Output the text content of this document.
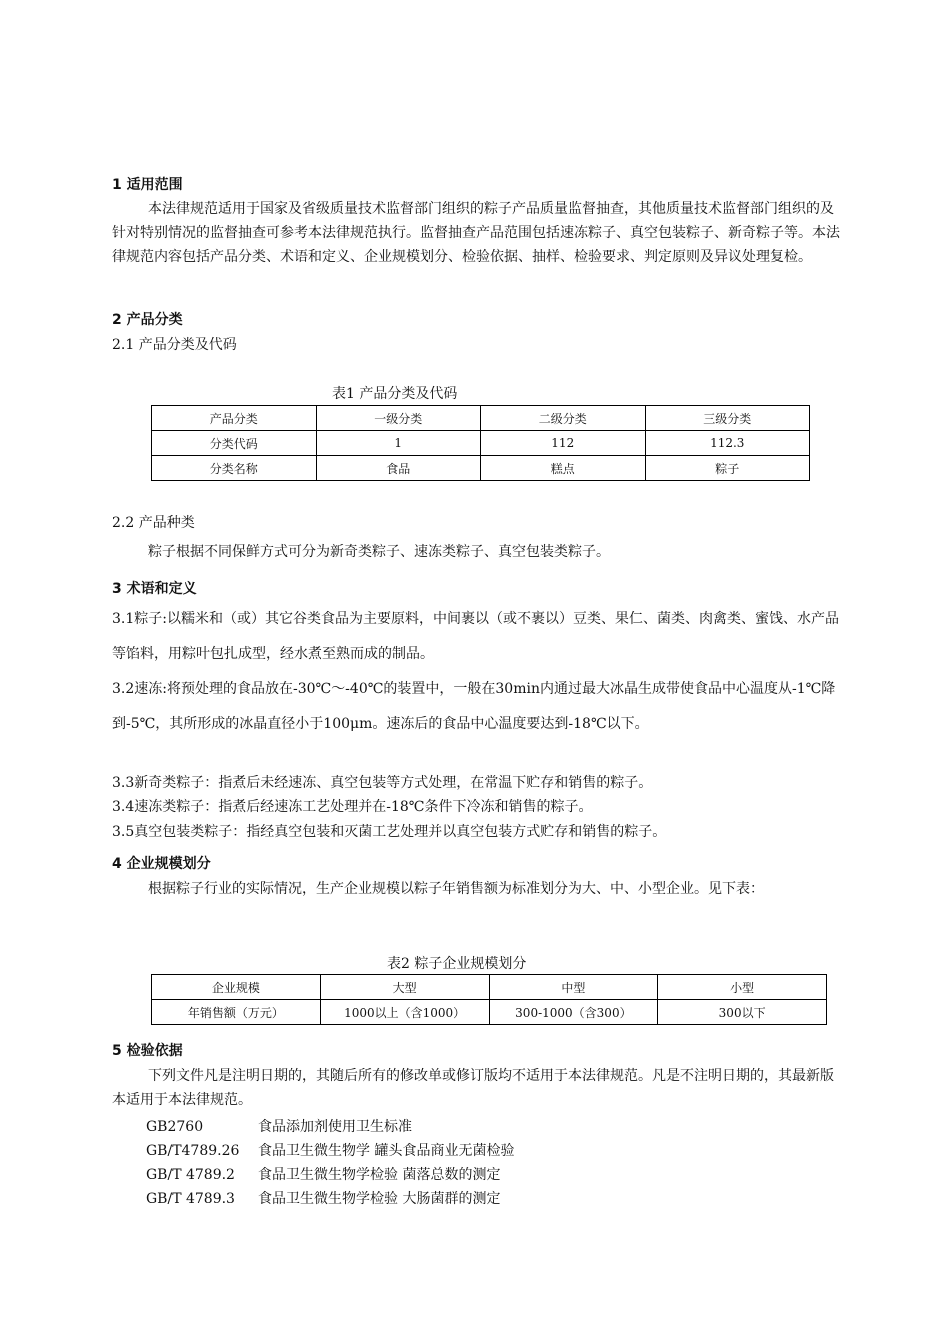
1 适用范围

本法律规范适用于国家及省级质量技术监督部门组织的粽子产品质量监督抽查，其他质量技术监督部门组织的及针对特别情况的监督抽查可参考本法律规范执行。监督抽查产品范围包括速冻粽子、真空包装粽子、新奇粽子等。本法律规范内容包括产品分类、术语和定义、企业规模划分、检验依据、抽样、检验要求、判定原则及异议处理复检。

2 产品分类

2.1 产品分类及代码

表1 产品分类及代码

产品分类	一级分类	二级分类	三级分类
分类代码	1	112	112.3
分类名称	食品	糕点	粽子

2.2 产品种类

粽子根据不同保鲜方式可分为新奇类粽子、速冻类粽子、真空包装类粽子。

3 术语和定义

3.1粽子:以糯米和（或）其它谷类食品为主要原料，中间裹以（或不裹以）豆类、果仁、菌类、肉禽类、蜜饯、水产品等馅料，用粽叶包扎成型，经水煮至熟而成的制品。

3.2速冻:将预处理的食品放在-30℃～-40℃的装置中，一般在30min内通过最大冰晶生成带使食品中心温度从-1℃降到-5℃，其所形成的冰晶直径小于100μm。速冻后的食品中心温度要达到-18℃以下。

3.3新奇类粽子：指煮后未经速冻、真空包装等方式处理，在常温下贮存和销售的粽子。

3.4速冻类粽子：指煮后经速冻工艺处理并在-18℃条件下冷冻和销售的粽子。

3.5真空包装类粽子：指经真空包装和灭菌工艺处理并以真空包装方式贮存和销售的粽子。

4 企业规模划分

根据粽子行业的实际情况，生产企业规模以粽子年销售额为标准划分为大、中、小型企业。见下表：

表2 粽子企业规模划分

企业规模	大型	中型	小型
年销售额（万元）	1000以上（含1000）	300-1000（含300）	300以下
5 检验依据

下列文件凡是注明日期的，其随后所有的修改单或修订版均不适用于本法律规范。凡是不注明日期的，其最新版本适用于本法律规范。

GB2760	食品添加剂使用卫生标准

GB/T4789.26 食品卫生微生物学 罐头食品商业无菌检验

GB/T 4789.2 食品卫生微生物学检验 菌落总数的测定

GB/T 4789.3 食品卫生微生物学检验 大肠菌群的测定
